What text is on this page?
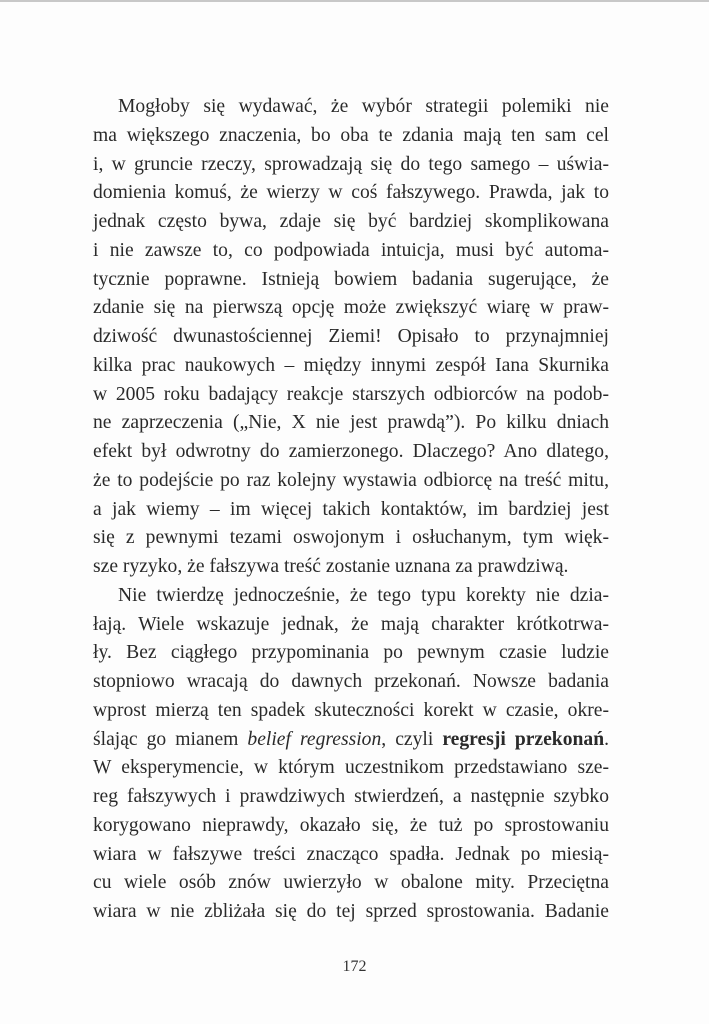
Mogłoby się wydawać, że wybór strategii polemiki nie
ma większego znaczenia, bo oba te zdania mają ten sam cel
i, w gruncie rzeczy, sprowadzają się do tego samego – uświa-
domienia komuś, że wierzy w coś fałszywego. Prawda, jak to
jednak często bywa, zdaje się być bardziej skomplikowana
i nie zawsze to, co podpowiada intuicja, musi być automa-
tycznie poprawne. Istnieją bowiem badania sugerujące, że
zdanie się na pierwszą opcję może zwiększyć wiarę w praw-
dziwość dwunastościennej Ziemi! Opisało to przynajmniej
kilka prac naukowych – między innymi zespół Iana Skurnika
w 2005 roku badający reakcje starszych odbiorców na podob-
ne zaprzeczenia („Nie, X nie jest prawdą”). Po kilku dniach
efekt był odwrotny do zamierzonego. Dlaczego? Ano dlatego,
że to podejście po raz kolejny wystawia odbiorcę na treść mitu,
a jak wiemy – im więcej takich kontaktów, im bardziej jest
się z pewnymi tezami oswojonym i osłuchanym, tym więk-
sze ryzyko, że fałszywa treść zostanie uznana za prawdziwą.
Nie twierdzę jednocześnie, że tego typu korekty nie dzia-
łają. Wiele wskazuje jednak, że mają charakter krótkotrwa-
ły. Bez ciągłego przypominania po pewnym czasie ludzie
stopniowo wracają do dawnych przekonań. Nowsze badania
wprost mierzą ten spadek skuteczności korekt w czasie, okre-
ślając go mianem belief regression, czyli regresji przekonań.
W eksperymencie, w którym uczestnikom przedstawiano sze-
reg fałszywych i prawdziwych stwierdzeń, a następnie szybko
korygowano nieprawdy, okazało się, że tuż po sprostowaniu
wiara w fałszywe treści znacząco spadła. Jednak po miesią-
cu wiele osób znów uwierzyło w obalone mity. Przeciętna
wiara w nie zbliżała się do tej sprzed sprostowania. Badanie
172
